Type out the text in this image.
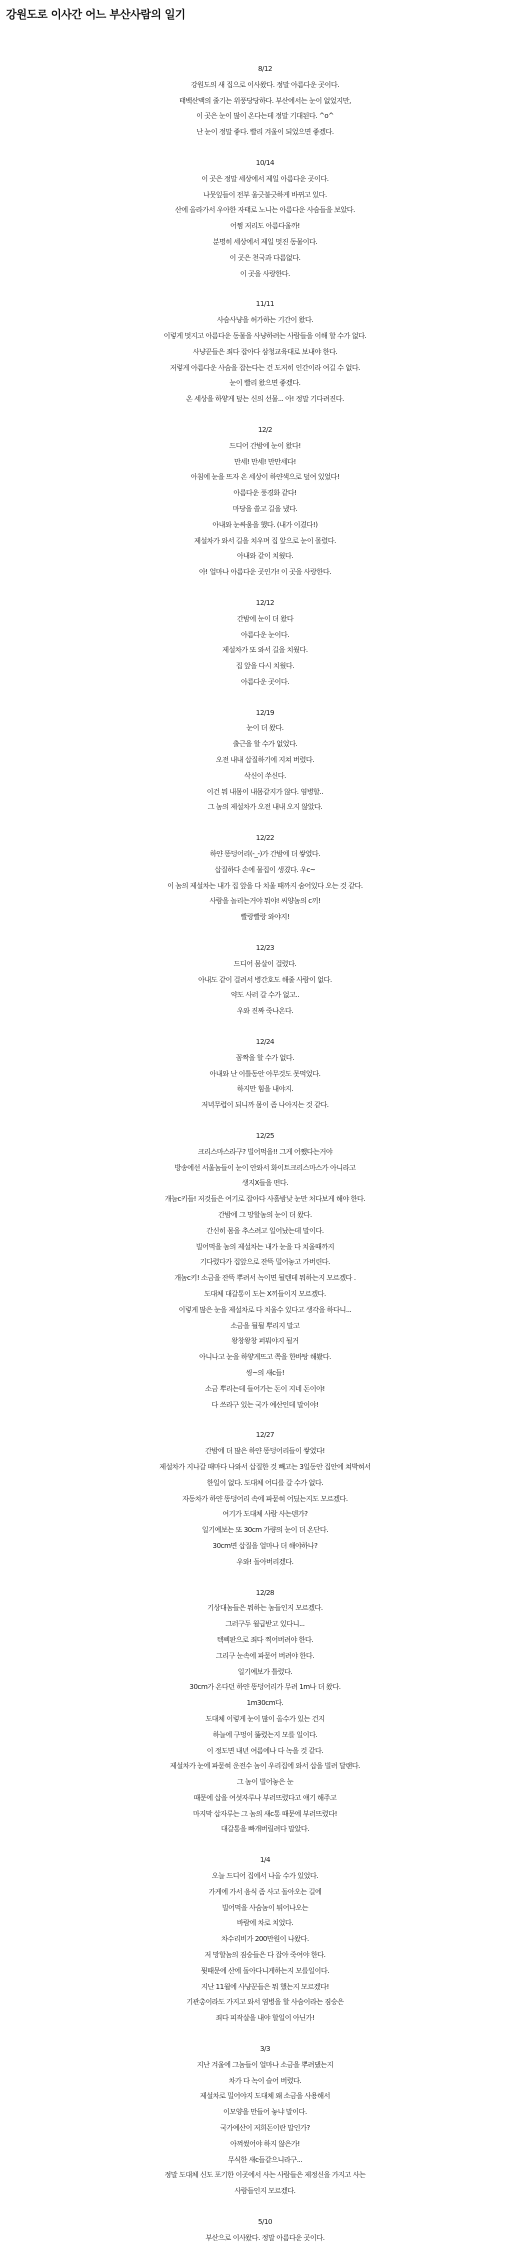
강원도로 이사간 어느 부산사람의 일기
8/12
강원도의 새 집으로 이사왔다. 정말 아름다운 곳이다.
태백산맥의 줄기는 위풍당당하다. 부산에서는 눈이 없었지만,
이 곳은 눈이 많이 온다는데 정말 기대된다. ^o^
난 눈이 정말 좋다. 빨리 겨울이 되었으면 좋겠다.
10/14
이 곳은 정말 세상에서 제일 아름다운 곳이다.
나뭇잎들이 전부 울긋불긋하게 바뀌고 있다.
산에 올라가서 우아한 자태로 노니는 아름다운 사슴들을 보았다.
어쩜 저리도 아름다울까!
분명히 세상에서 제일 멋진 동물이다.
이 곳은 천국과 다름없다.
이 곳을 사랑한다.
11/11
사슴사냥을 허가하는 기간이 왔다.
이렇게 멋지고 아름다운 동물을 사냥하려는 사람들을 이해 할 수가 없다.
사냥꾼들은 죄다 잡아다 삼청교육대로 보내야 한다.
저렇게 아름다운 사슴을 잡는다는 건 도저히 인간이라 여길 수 없다.
눈이 빨리 왔으면 좋겠다.
온 세상을 하얗게 덮는 신의 선물... 아! 정말 기다려진다.
12/2
드디어 간밤에 눈이 왔다!
만세! 만세! 만만세다!
아침에 눈을 뜨자 온 세상이 하얀색으로 덮여 있었다!
아름다운 풍경화 같다!
마당을 쓸고 길을 냈다.
아내와 눈싸움을 했다. (내가 이겼다!)
제설차가 와서 길을 치우며 집 앞으로 눈이 몰렸다.
아내와 같이 치웠다.
아! 얼마나 아름다운 곳인가! 이 곳을 사랑한다.
12/12
간밤에 눈이 더 왔다
아름다운 눈이다.
제설차가 또 와서 길을 치웠다.
집 앞을 다시 치웠다.
아름다운 곳이다.
12/19
눈이 더 왔다.
출근을 할 수가 없었다.
오전 내내 삽질하기에 지쳐 버렸다.
삭신이 쑤신다.
이건 뭐 내몸이 내몸같지가 않다. 염병할..
그 놈의 제설차가 오전 내내 오지 않았다.
12/22
하얀 똥덩어리(-_-)가 간밤에 더 쌓였다.
삽질하다 손에 물집이 생겼다. 우c~
이 놈의 제설차는 내가 집 앞을 다 치울 때까지 숨어있다 오는 것 같다.
사람을 놀리는거야 뭐야! 씨양놈의 c끼!
빨랑빨랑 와야지!
12/23
드디어 몸살이 걸렸다.
아내도 같이 걸려서 병간호도 해줄 사람이 없다.
약도 사러 갈 수가 없고..
우와 진짜 죽나온다.
12/24
꼼짝을 할 수가 없다.
아내와 난 이틀동안 아무것도 못먹었다.
하지만 힘을 내야지.
저녁무렵이 되니까 몸이 좀 나아지는 것 같다.
12/25
크리스마스라구? 빌어먹을!! 그게 어쨌다는거야
방송에선 서울놈들이 눈이 안와서 화이트크리스마스가 아니라고
생지X들을 떤다.
개늠c키들! 저것들은 여기로 잡아다 사흘밤낮 눈만 처다보게 해야 한다.
간밤에 그 망할놈의 눈이 더 왔다.
간신히 몸을 추스려고 일어났는데 말이다.
빌어먹을 놈의 제설차는 내가 눈을 다 치울때까지
기다렸다가 집앞으로 잔뜩 밀어놓고 가버린다.
개놈c키! 소금을 잔뜩 뿌려서 녹이면 될텐데 뭐하는지 모르겠다 .
도대체 대갈통이 도는 X끼들이지 모르겠다.
이렇게 많은 눈을 제설차로 다 치울수 있다고 생각을 하다니...
소금을 뒬뒬 뿌리지 말고
왕창왕창 퍼붜야지 될거
아니나고 눈을 하얗게뜨고 쪽을 한바탕 해봤다.
씽~의 새c들!
소금 뿌리는데 들어가는 돈이 지네 돈이야!
다 쓰라구 있는 국가 예산인데 말이야!
12/27
간밤에 더 많은 하얀 똥덩어리들이 쌓였다!
제설차가 지나갈 때마다 나와서 삽질한 것 빼고는 3일동안 집안에 쳐박혀서
한일이 없다. 도대체 어디를 갈 수가 없다.
자동차가 하얀 똥덩어리 속에 파묻혀 어딨는지도 모르겠다.
여기가 도대체 사람 사는덴가?
일기예보는 또 30cm 가량의 눈이 더 온단다.
30cm면 삽질을 얼마나 더 해야하나?
우와! 돌아버리겠다.
12/28
기상대놈들은 뭐하는 놈들인지 모르겠다.
그러구두 월급받고 있다니...
텍펙판으로 죄다 찍어버려야 한다.
그리구 눈속에 파묻어 버려야 한다.
일기예보가 틀렸다.
30cm가 온다던 하얀 똥덩어리가 무려 1m나 더 왔다.
1m30cm다.
도대체 이렇게 눈이 많이 올수가 있는 건지
하늘에 구멍이 뚫렸는지 모를 일이다.
이 정도면 내년 여름에나 다 녹을 것 같다.
제설차가 눈에 파묻혀 운전수 놈이 우리집에 와서 삽을 빌려 달랜다.
그 놈이 빌어놓은 눈
때문에 삽을 여섯자루나 부러뜨렸다고 얘기 해주고
마지막 삽자루는 그 놈의 새c통 때문에 부러뜨렸다!
대갈통을 빠개버릴려다 말았다.
1/4
오늘 드디어 집에서 나올 수가 있었다.
가게에 가서 음식 좀 사고 돌아오는 길에
빌어먹을 사슴놈이 튀어나오는
바람에 차로 치었다.
차수리비가 200만원이 나왔다.
저 망할놈의 짐승들은 다 잡아 죽여야 한다.
뭣때문에 산에 돌아다니게하는지 모를일이다.
지난 11월에 사냥꾼들은 뭐 했는지 모르겠다!
기관총이라도 가지고 와서 염병을 할 사슴이라는 짐승은
죄다 피작살을 내야 할일이 아닌가!
3/3
지난 겨울에 그놈들이 얼마나 소금을 뿌려댔는지
차가 다 녹이 슬어 버렸다.
제설차로 밀어야지 도대체 왜 소금을 사용해서
이모양을 만들어 놓냐 말이다.
국가예산이 저희돈이란 말인가?
아껴썼어야 하지 않은가!
무식한 새c들같으니라구...
정말 도대체 신도 포기한 이곳에서 사는 사람들은 제정신을 가지고 사는
사람들인지 모르겠다.
5/10
부산으로 이사왔다. 정말 아름다운 곳이다.
